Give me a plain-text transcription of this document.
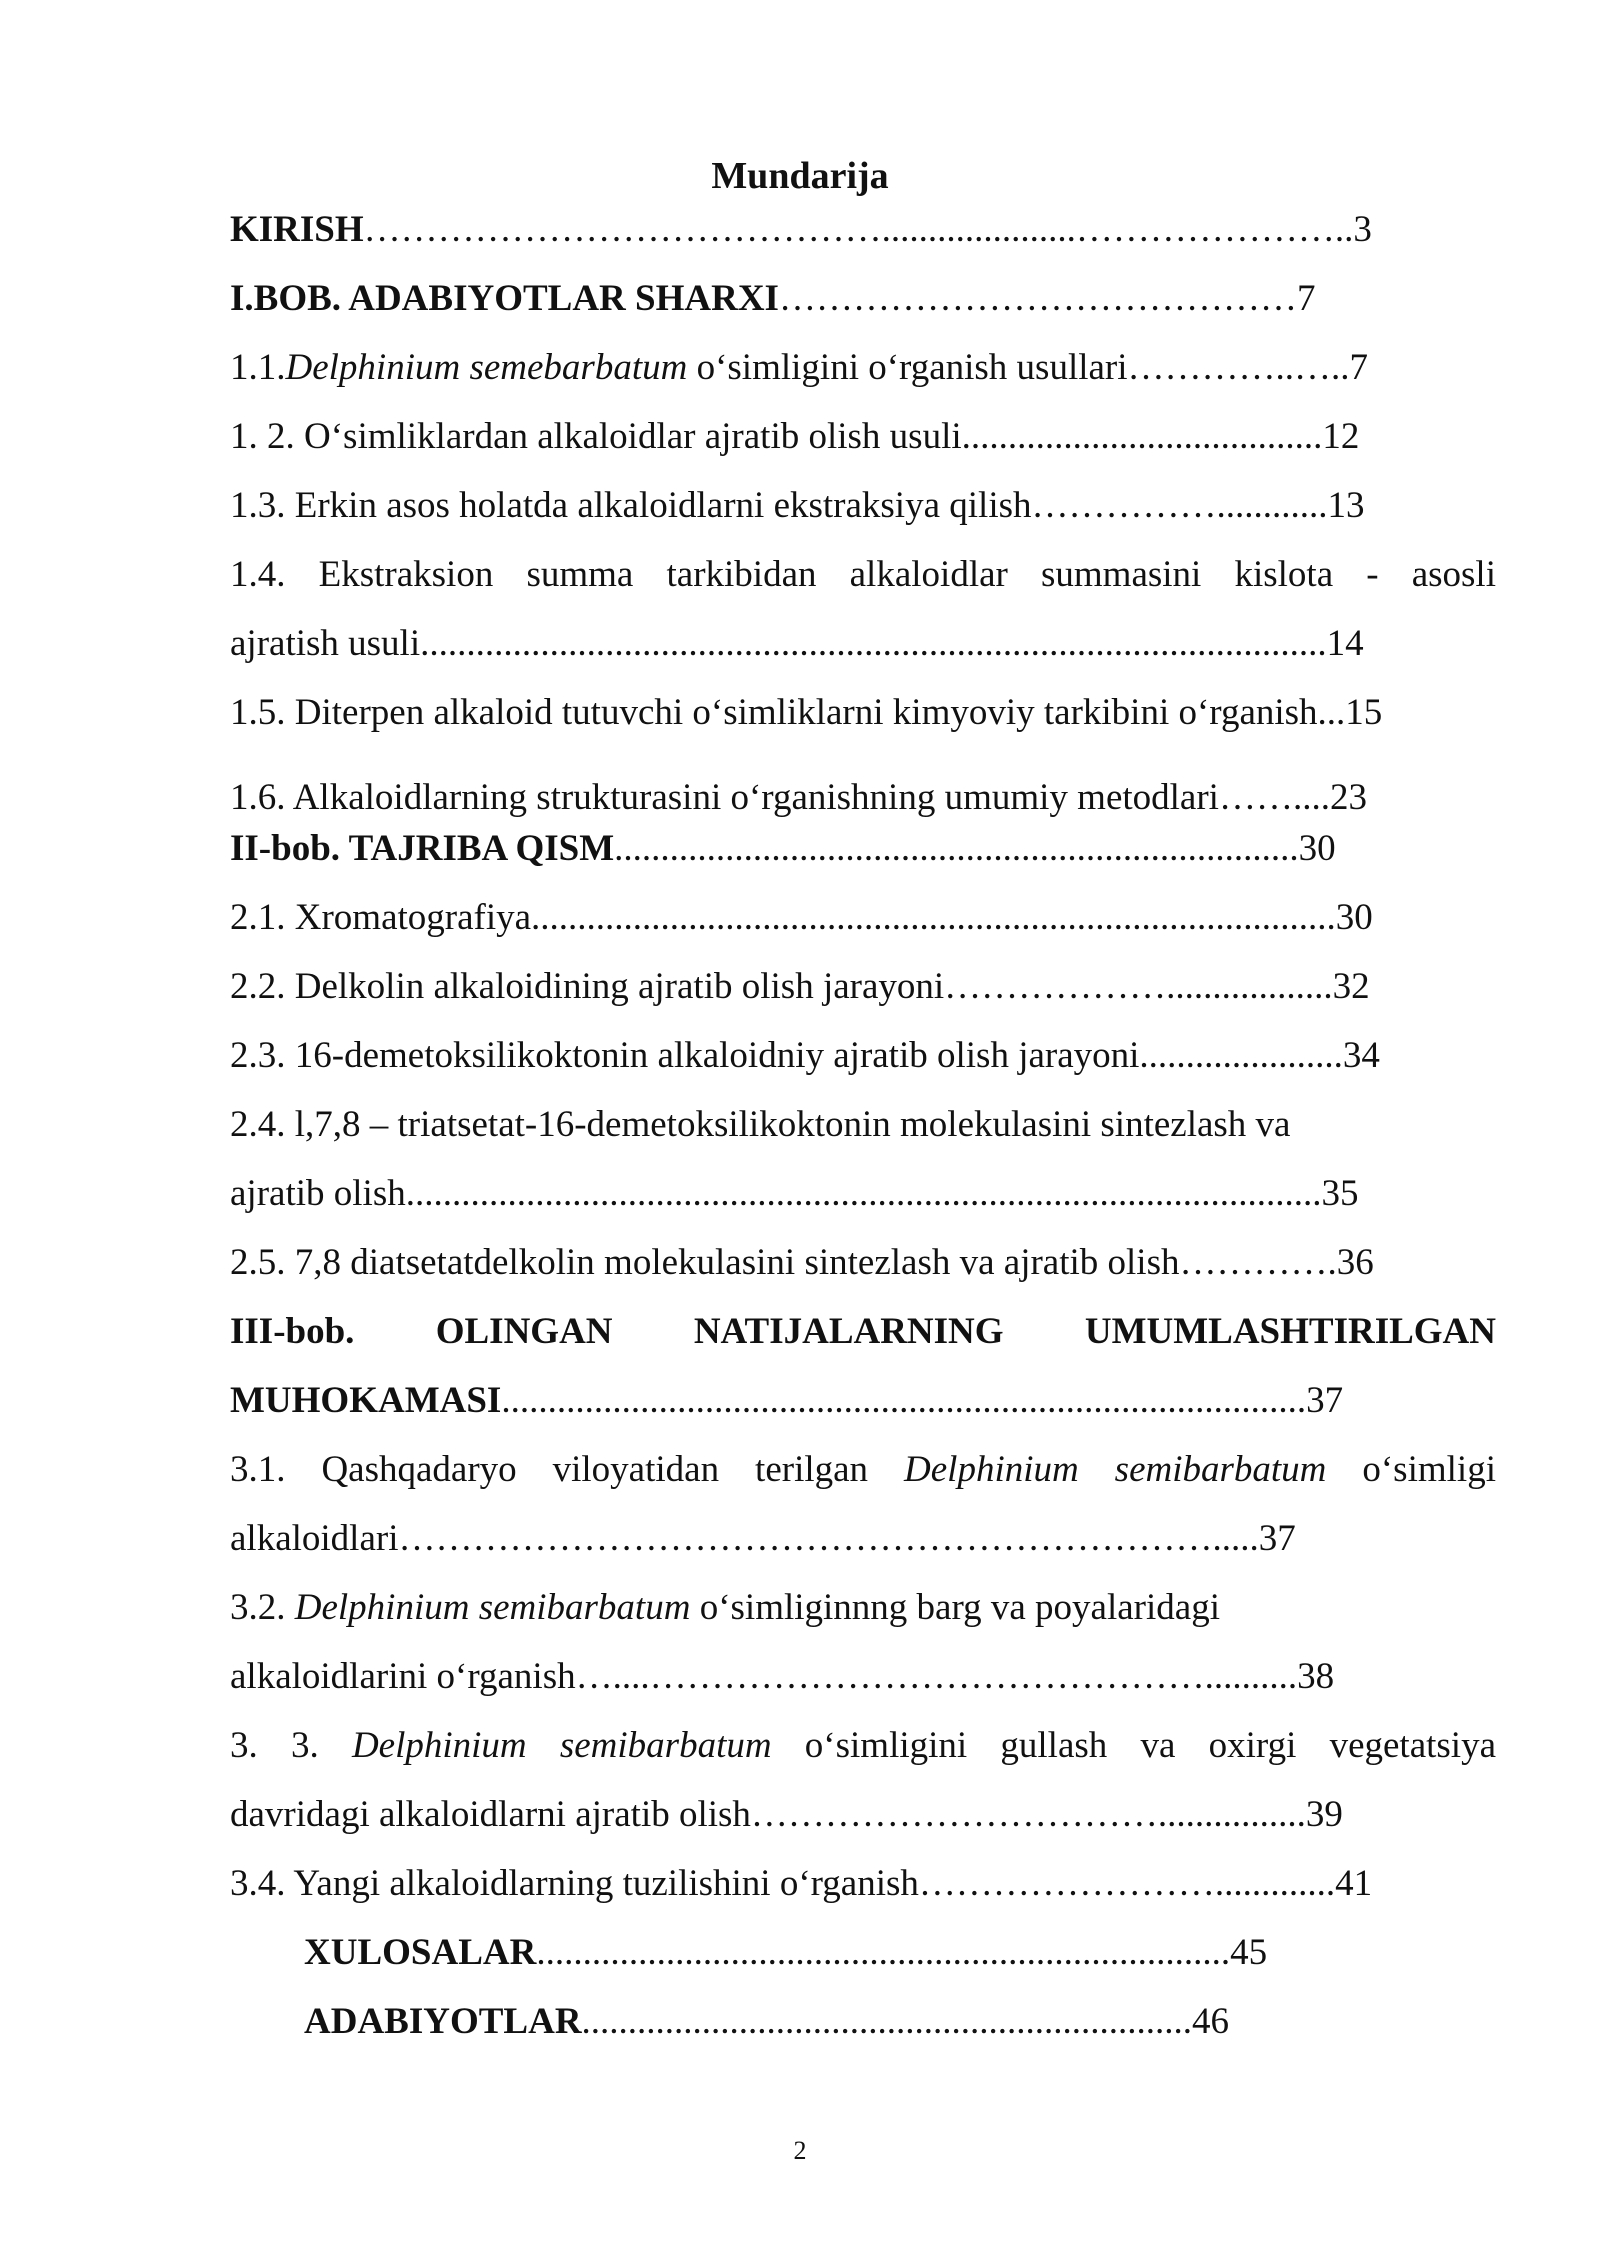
Mundarija
KIRISH…………………………………….....................…………………..3
I.BOB. ADABIYOTLAR SHARXI……………………………………7
1.1.Delphinium semebarbatum o‘simligini o‘rganish usullari…………..…..7
1. 2. O‘simliklardan alkaloidlar ajratib olish usuli.......................................12
1.3. Erkin asos holatda alkaloidlarni ekstraksiya qilish……………............13
1.4. Ekstraksion summa tarkibidan alkaloidlar summasini kislota - asosli
ajratish usuli..................................................................................................14
1.5. Diterpen alkaloid tutuvchi o‘simliklarni kimyoviy tarkibini o‘rganish...15
1.6. Alkaloidlarning strukturasini o‘rganishning umumiy metodlari……....23
II-bob. TAJRIBA QISM..........................................................................30
2.1. Xromatografiya.......................................................................................30
2.2. Delkolin alkaloidining ajratib olish jarayoni………………..................32
2.3. 16-demetoksilikoktonin alkaloidniy ajratib olish jarayoni......................34
2.4. l,7,8 – triatsetat-16-demetoksilikoktonin molekulasini sintezlash va
ajratib olish...................................................................................................35
2.5. 7,8 diatsetatdelkolin molekulasini sintezlash va ajratib olish………….36
III-bob. OLINGAN NATIJALARNING UMUMLASHTIRILGAN
MUHOKAMASI.......................................................................................37
3.1. Qashqadaryo viloyatidan terilgan Delphinium semibarbatum o‘simligi
alkaloidlari………………………………………………………….....37
3.2. Delphinium semibarbatum o‘simliginnng barg va poyalaridagi
alkaloidlarini o‘rganish…....………………………………………..........38
3. 3. Delphinium semibarbatum o‘simligini gullash va oxirgi vegetatsiya
davridagi alkaloidlarni ajratib olish……………………………................39
3.4. Yangi alkaloidlarning tuzilishini o‘rganish…………………….............41
XULOSALAR...........................................................................45
ADABIYOTLAR..................................................................46
2
